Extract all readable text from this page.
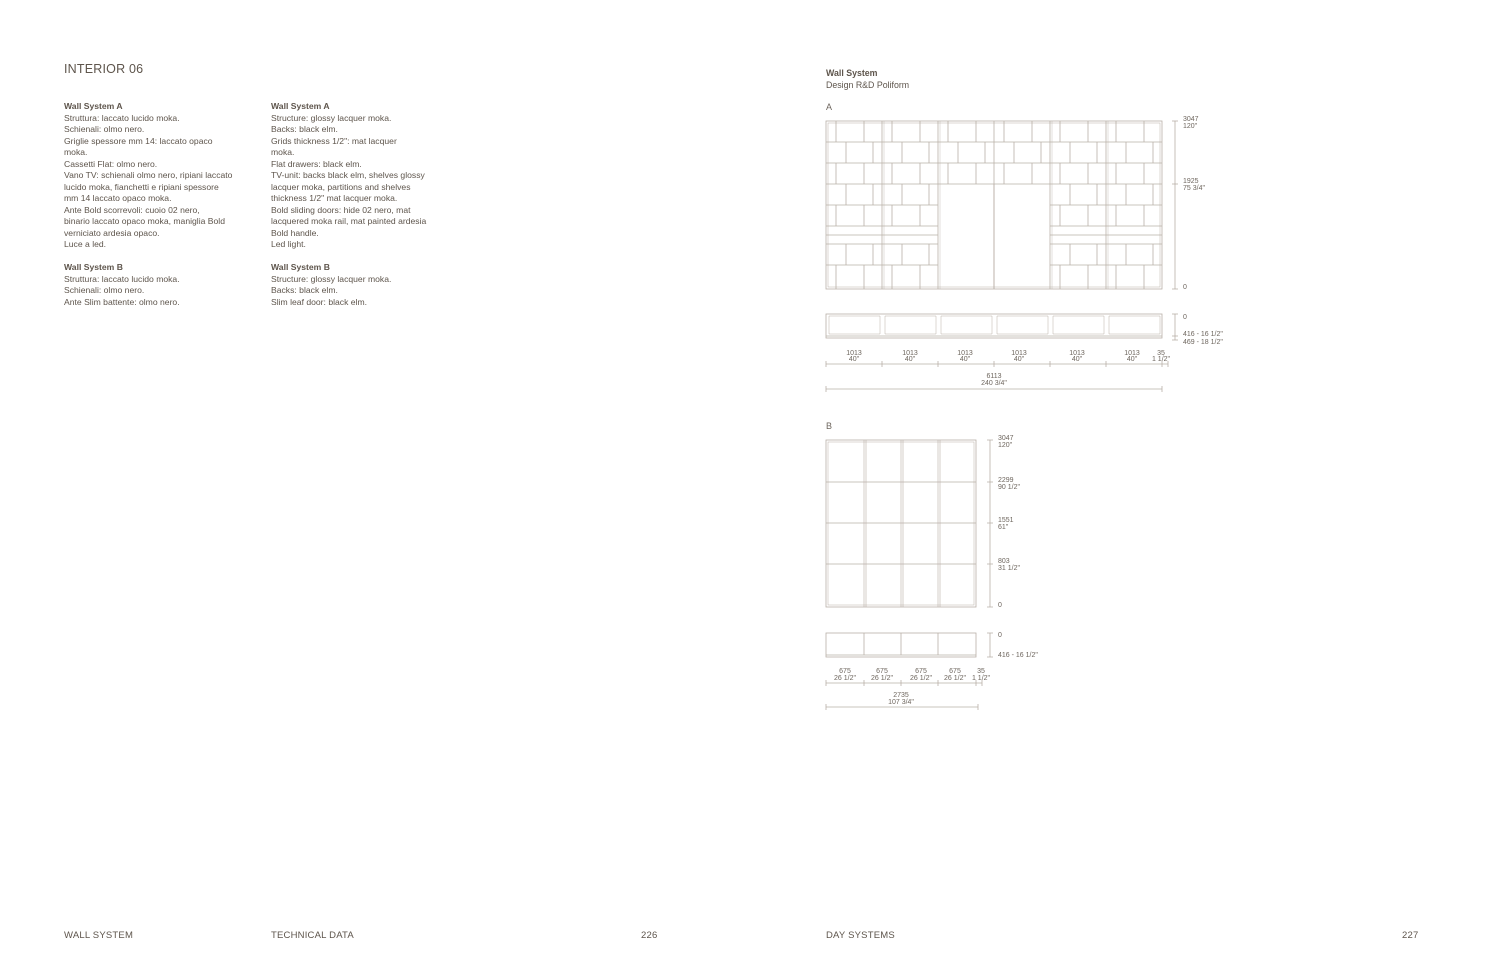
INTERIOR 06
Wall System A
Struttura: laccato lucido moka.
Schienali: olmo nero.
Griglie spessore mm 14: laccato opaco
moka.
Cassetti Flat: olmo nero.
Vano TV: schienali olmo nero, ripiani laccato
lucido moka, fianchetti e ripiani spessore
mm 14 laccato opaco moka.
Ante Bold scorrevoli: cuoio 02 nero,
binario laccato opaco moka, maniglia Bold
verniciato ardesia opaco.
Luce a led.
Wall System B
Struttura: laccato lucido moka.
Schienali: olmo nero.
Ante Slim battente: olmo nero.
Wall System A
Structure: glossy lacquer moka.
Backs: black elm.
Grids thickness 1/2": mat lacquer
moka.
Flat drawers: black elm.
TV-unit: backs black elm, shelves glossy
lacquer moka, partitions and shelves
thickness 1/2" mat lacquer moka.
Bold sliding doors: hide 02 nero, mat
lacquered moka rail, mat painted ardesia
Bold handle.
Led light.
Wall System B
Structure: glossy lacquer moka.
Backs: black elm.
Slim leaf door: black elm.
Wall System
Design R&D Poliform
A
B
3047
120"
1925
75 3/4"
0
0
416 - 16 1/2"
469 - 18 1/2"
1013
40"
1013
40"
1013
40"
1013
40"
1013
40"
1013
40"
35
1 1/2"
6113
240 3/4"
3047
120"
2299
90 1/2"
1551
61"
803
31 1/2"
0
0
416 - 16 1/2"
675
26 1/2"
675
26 1/2"
675
26 1/2"
675
26 1/2"
35
1 1/2"
2735
107 3/4"
WALL SYSTEM	TECHNICAL DATA	226	DAY SYSTEMS	227
